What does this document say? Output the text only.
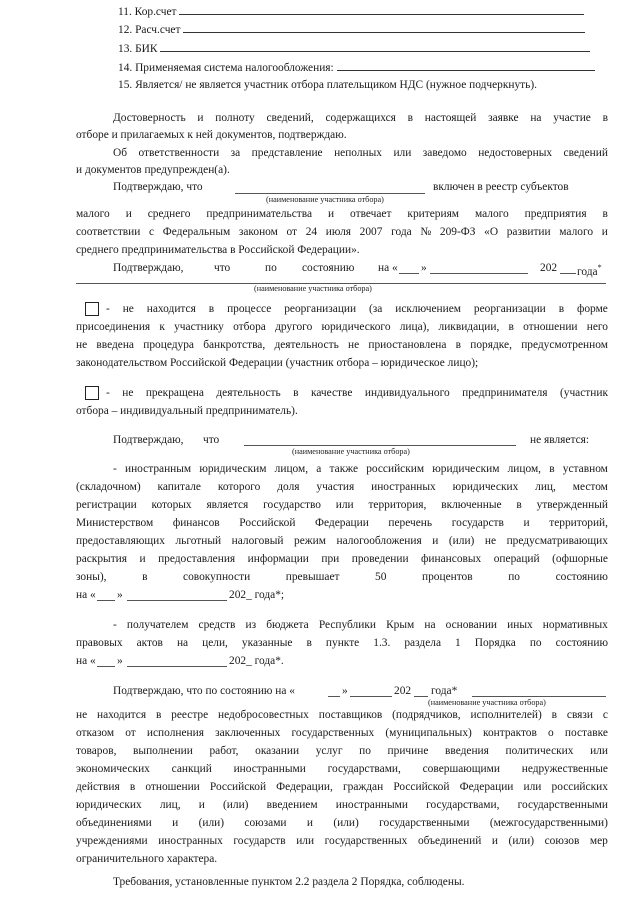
11. Кор.счет
12. Расч.счет
13. БИК
14. Применяемая система налогообложения:
15. Является/ не является участник отбора плательщиком НДС (нужное подчеркнуть).
Достоверность и полноту сведений, содержащихся в настоящей заявке на участие в
отборе и прилагаемых к ней документов, подтверждаю.
Об ответственности за представление неполных или заведомо недостоверных сведений
и документов предупрежден(а).
Подтверждаю, что	включен в реестр субъектов
(наименование участника отбора)
малого и среднего предпринимательства и отвечает критериям малого предприятия в
соответствии с Федеральным законом от 24 июля 2007 года № 209-ФЗ «О развитии малого и
среднего предпринимательства в Российской Федерации».
Подтверждаю,	что	по состоянию на « »	202 года*
(наименование участника отбора)
- не находится в процессе реорганизации (за исключением реорганизации в форме
присоединения к участнику отбора другого юридического лица), ликвидации, в отношении него
не введена процедура банкротства, деятельность не приостановлена в порядке, предусмотренном
законодательством Российской Федерации (участник отбора – юридическое лицо);
- не прекращена деятельность в качестве индивидуального предпринимателя (участник
отбора – индивидуальный предприниматель).
Подтверждаю, что	не является:
(наименование участника отбора)
- иностранным юридическим лицом, а также российским юридическим лицом, в уставном
(складочном) капитале которого доля участия иностранных юридических лиц, местом
регистрации которых является государство или территория, включенные в утвержденный
Министерством финансов Российской Федерации перечень государств и территорий,
предоставляющих льготный налоговый режим налогообложения и (или) не предусматривающих
раскрытия и предоставления информации при проведении финансовых операций (офшорные
зоны),	в	совокупности	превышает	50	процентов	по	состоянию
на « »	202_ года*;
- получателем средств из бюджета Республики Крым на основании иных нормативных
правовых актов на цели, указанные в пункте 1.3. раздела 1 Порядка по состоянию
на « »	202_ года*.
Подтверждаю, что по состоянию на «	»	202 года*
(наименование участника отбора)
не находится в реестре недобросовестных поставщиков (подрядчиков, исполнителей) в связи с
отказом от исполнения заключенных государственных (муниципальных) контрактов о поставке
товаров, выполнении работ, оказании услуг по причине введения политических или
экономических санкций иностранными государствами, совершающими недружественные
действия в отношении Российской Федерации, граждан Российской Федерации или российских
юридических лиц, и (или) введением иностранными государствами, государственными
объединениями и (или) союзами и (или) государственными (межгосударственными)
учреждениями иностранных государств или государственных объединений и (или) союзов мер
ограничительного характера.
Требования, установленные пунктом 2.2 раздела 2 Порядка, соблюдены.
